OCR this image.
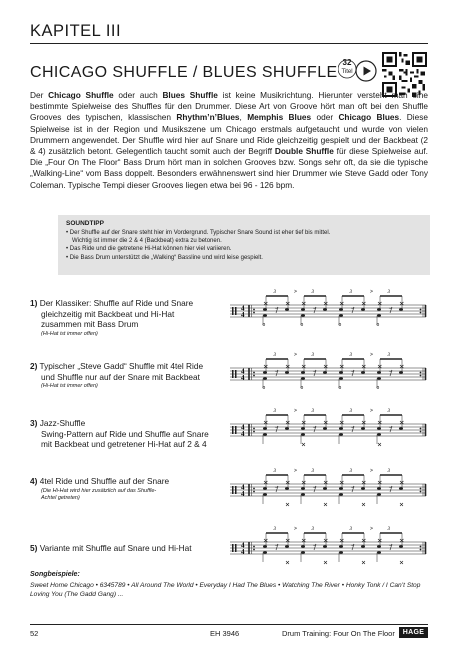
KAPITEL III
CHICAGO SHUFFLE / BLUES SHUFFLE
32
Titel

Der Chicago Shuffle oder auch Blues Shuffle ist keine Musikrichtung. Hierunter versteht man eine bestimmte Spielweise des Shuffles für den Drummer. Diese Art von Groove hört man oft bei den Shuffle Grooves des typischen, klassischen Rhythm’n’Blues, Memphis Blues oder Chicago Blues. Diese Spielweise ist in der Region und Musikszene um Chicago erstmals aufgetaucht und wurde von vielen Drummern angewendet. Der Shuffle wird hier auf Snare und Ride gleichzeitig gespielt und der Backbeat (2 & 4) zusätzlich betont. Gelegentlich taucht somit auch der Begriff Double Shuffle für diese Spielweise auf. Die „Four On The Floor“ Bass Drum hört man in solchen Grooves bzw. Songs sehr oft, da sie die typische „Walking-Line“ vom Bass doppelt. Besonders erwähnenswert sind hier Drummer wie Steve Gadd oder Tony Coleman. Typische Tempi dieser Grooves liegen etwa bei 96 - 126 bpm.

SOUNDTIPP
• Der Shuffle auf der Snare steht hier im Vordergrund. Typischer Snare Sound ist eher tief bis mittel.
Wichtig ist immer die 2 & 4 (Backbeat) extra zu betonen.
• Das Ride und die getretene Hi-Hat können hier viel variieren.
• Die Bass Drum unterstützt die „Walking“ Bassline und wird leise gespielt.
1) Der Klassiker: Shuffle auf Ride und Snare
gleichzeitig mit Backbeat und Hi-Hat
zusammen mit Bass Drum
(Hi-Hat ist immer offen)
4
4
3
o
3
>
o
3
o
3
>
o
2) Typischer „Steve Gadd“ Shuffle mit 4tel Ride
und Shuffle nur auf der Snare mit Backbeat
(Hi-Hat ist immer offen)
4
4
3
o
3
>
o
3
o
3
>
o
3) Jazz-Shuffle
Swing-Pattern auf Ride und Shuffle auf Snare
mit Backbeat und getretener Hi-Hat auf 2 & 4
4
4
3	3
>	3	3
>
4) 4tel Ride und Shuffle auf der Snare
(Die Hi-Hat wird hier zusätzlich auf das Shuffle-Achtel getreten)
4
4
3	3
>	3	3
>
5) Variante mit Shuffle auf Snare und Hi-Hat	4
4
3	3
>	3	3
>
Songbeispiele:
Sweet Home Chicago • 6345789 • All Around The World • Everyday I Had The Blues • Watching The River • Honky Tonk / I Can’t Stop Loving You (The Gadd Gang) ...
52	EH 3946	Drum Training: Four On The Floor	HAGE
